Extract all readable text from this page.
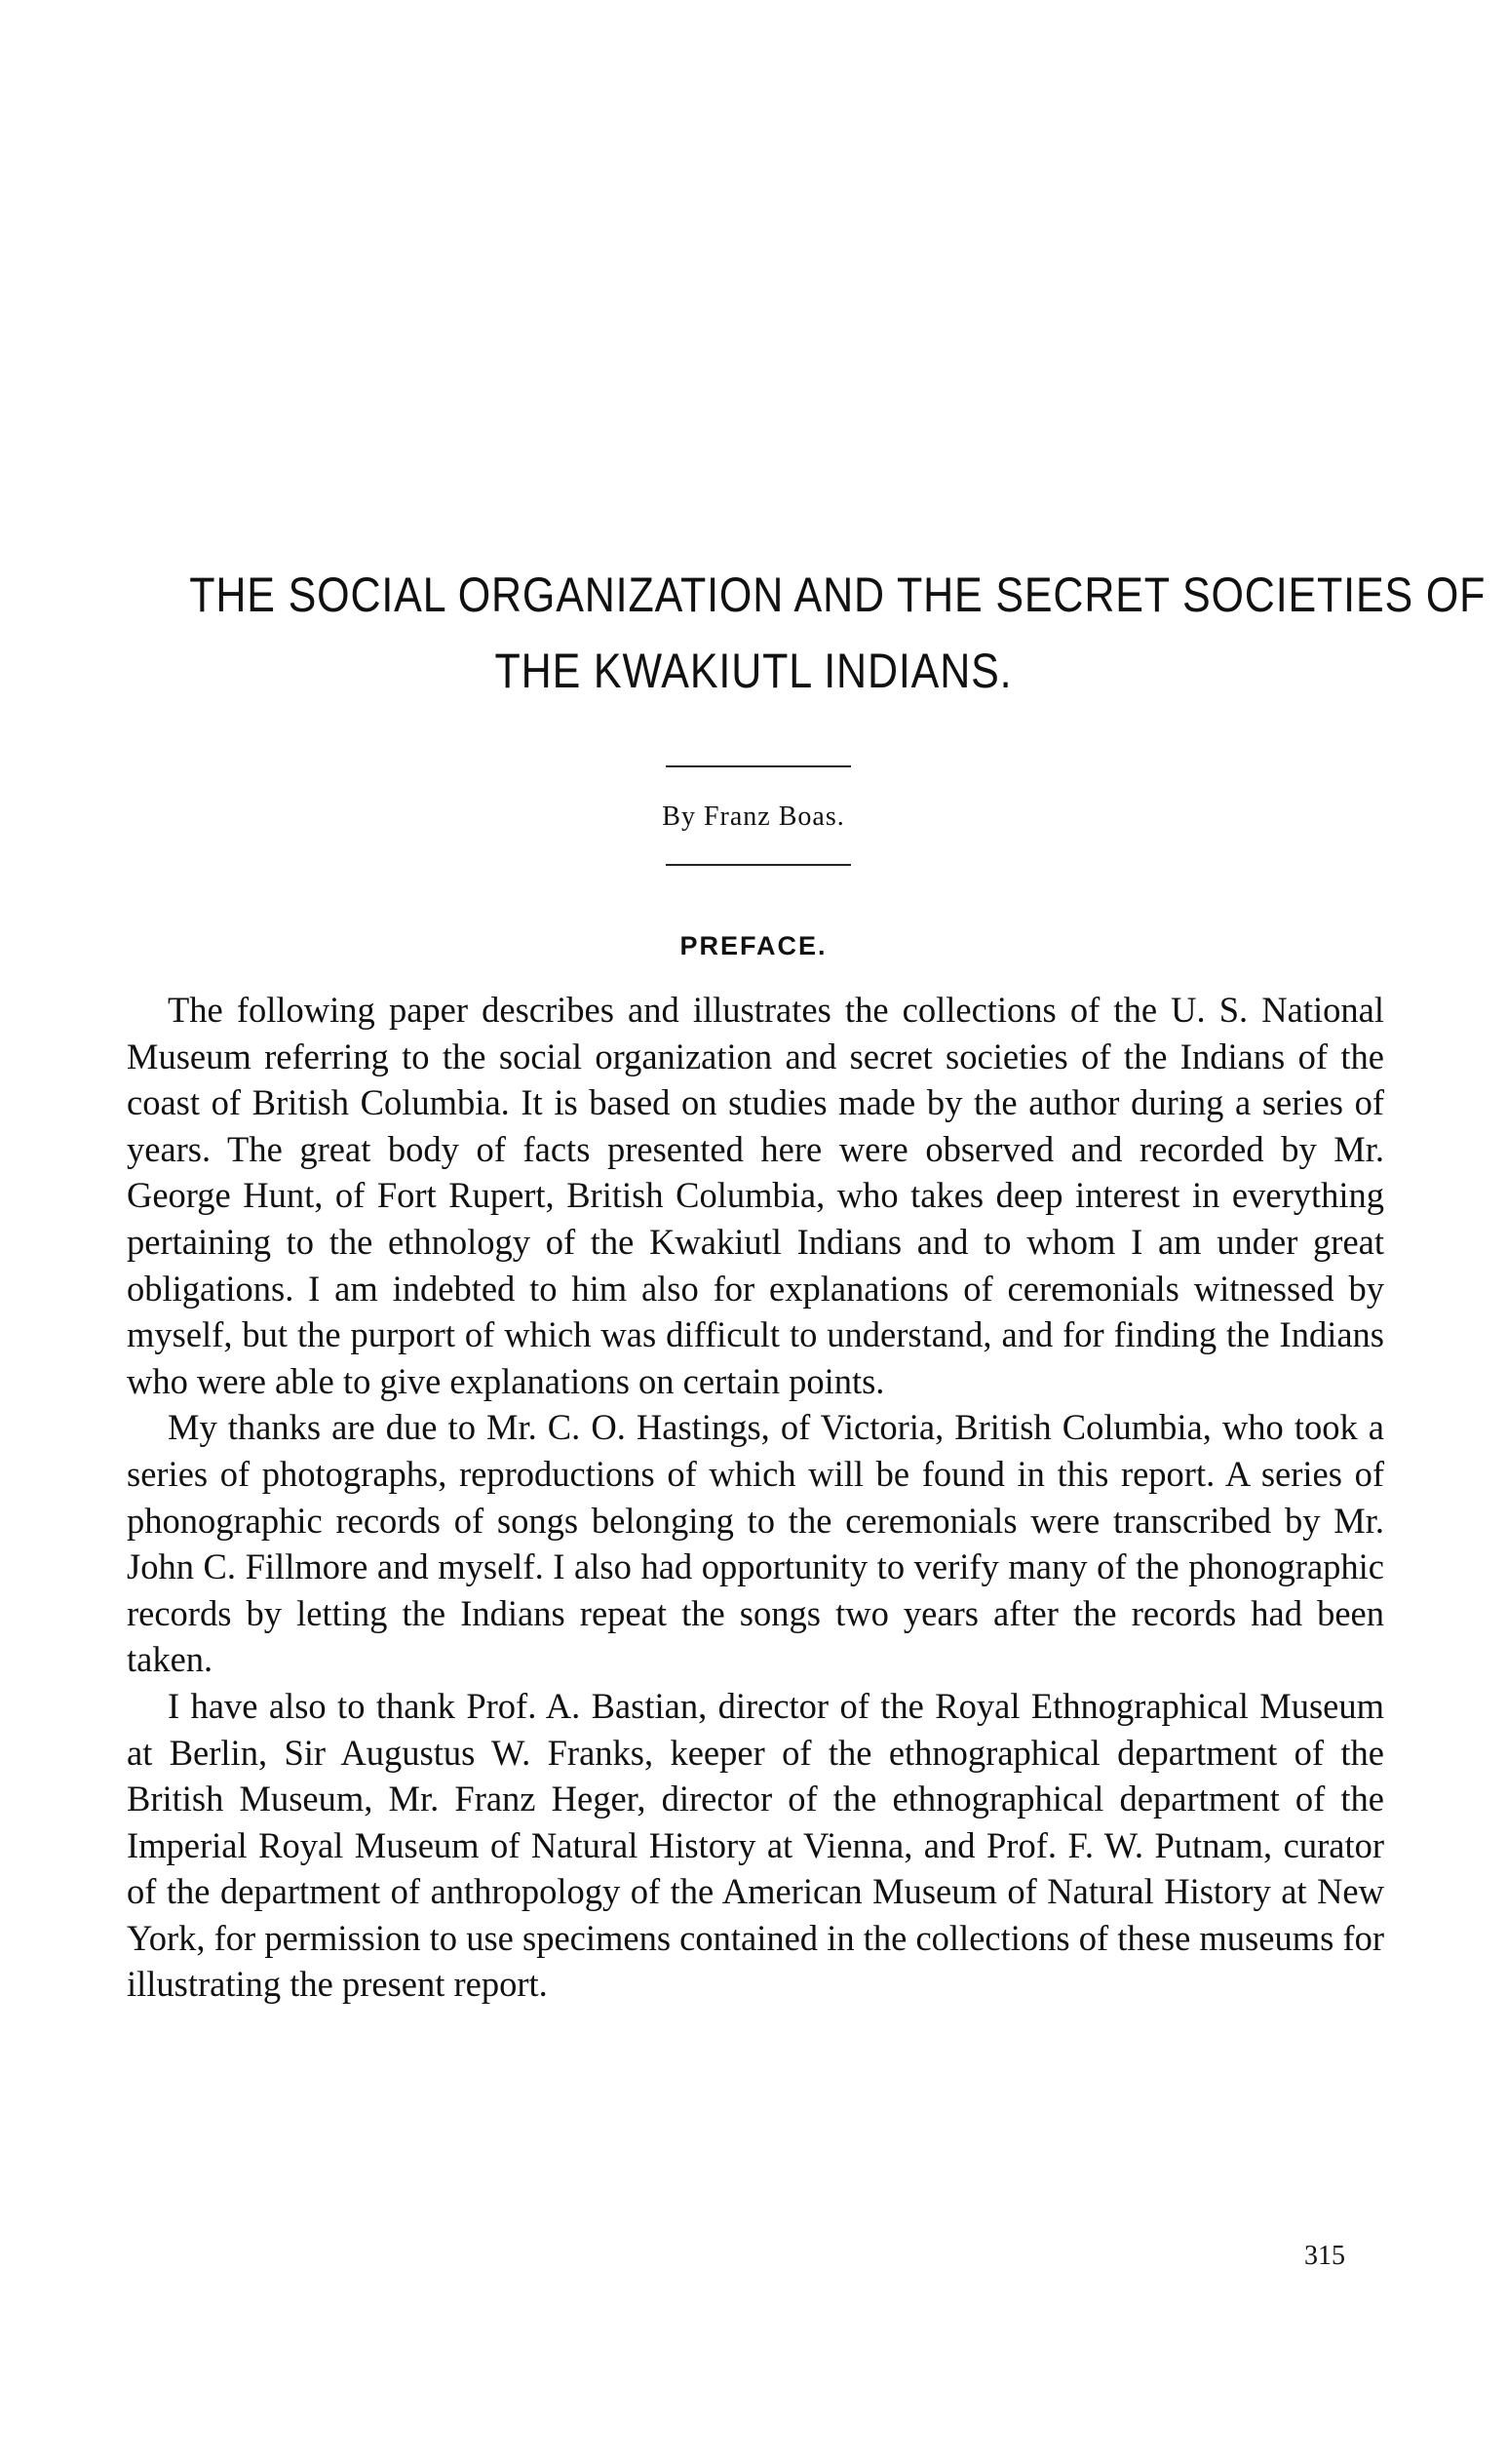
THE SOCIAL ORGANIZATION AND THE SECRET SOCIETIES OF
THE KWAKIUTL INDIANS.
By Franz Boas.
PREFACE.

The following paper describes and illustrates the collections of the U. S. National Museum referring to the social organization and secret societies of the Indians of the coast of British Columbia. It is based on studies made by the author during a series of years. The great body of facts presented here were observed and recorded by Mr. George Hunt, of Fort Rupert, British Columbia, who takes deep interest in everything pertaining to the ethnology of the Kwakiutl Indians and to whom I am under great obligations. I am indebted to him also for explanations of ceremonials witnessed by myself, but the purport of which was difficult to understand, and for finding the Indians who were able to give explanations on certain points.

My thanks are due to Mr. C. O. Hastings, of Victoria, British Columbia, who took a series of photographs, reproductions of which will be found in this report. A series of phonographic records of songs belonging to the ceremonials were transcribed by Mr. John C. Fillmore and myself. I also had opportunity to verify many of the phonographic records by letting the Indians repeat the songs two years after the records had been taken.

I have also to thank Prof. A. Bastian, director of the Royal Ethnographical Museum at Berlin, Sir Augustus W. Franks, keeper of the ethnographical department of the British Museum, Mr. Franz Heger, director of the ethnographical department of the Imperial Royal Museum of Natural History at Vienna, and Prof. F. W. Putnam, curator of the department of anthropology of the American Museum of Natural History at New York, for permission to use specimens contained in the collections of these museums for illustrating the present report.

315
